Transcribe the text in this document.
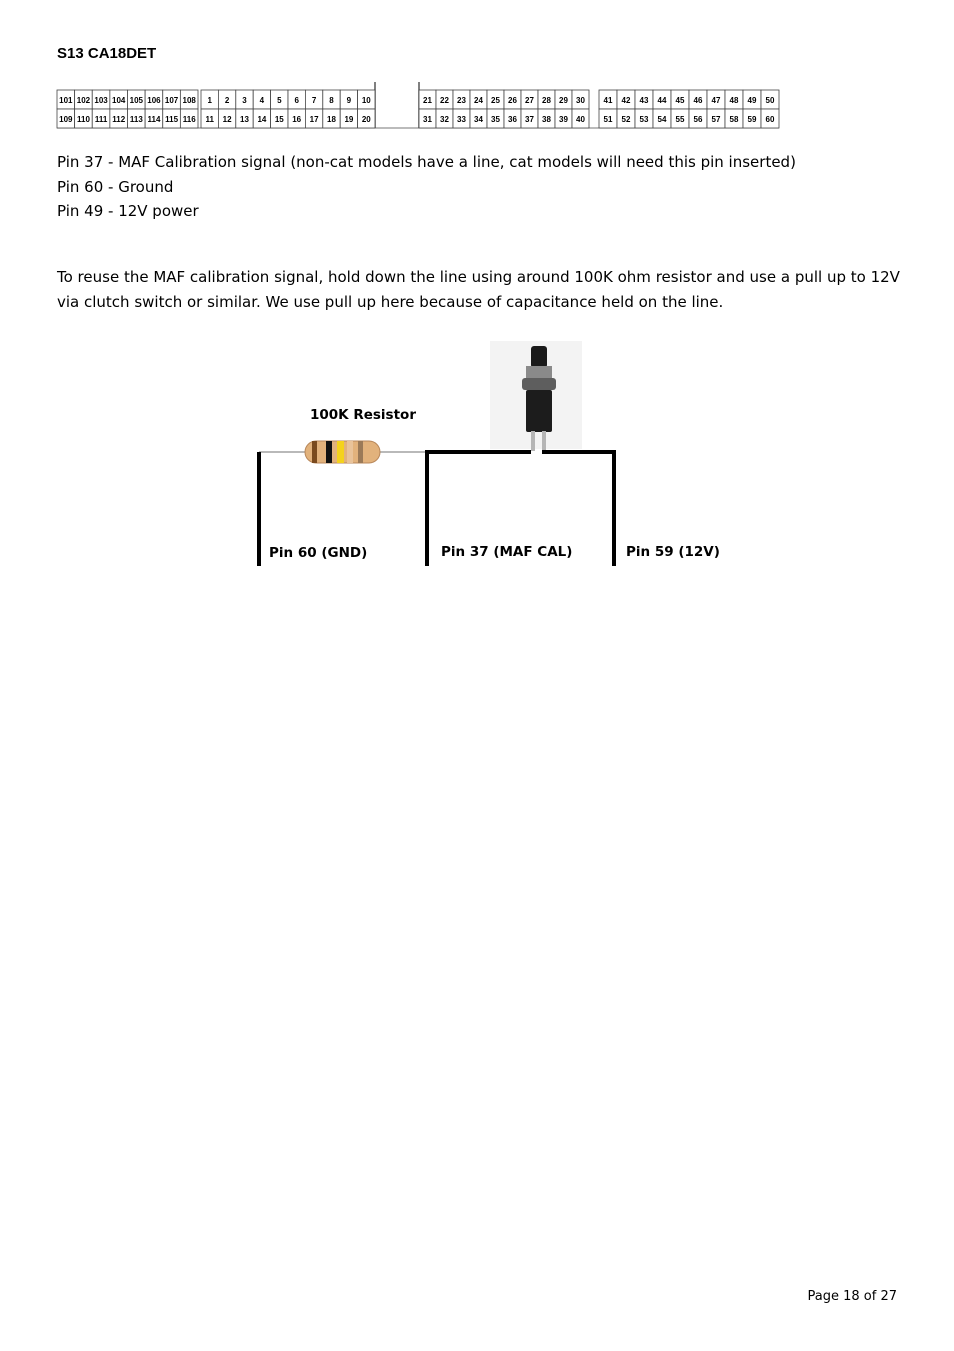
S13 CA18DET
101 102 103 104 105 106 107 108
109 110 111 112 113 114 115 116
1 2 3 4 5 6 7 8 9 10
11 12 13 14 15 16 17 18 19 20
21 22 23 24 25 26 27 28 29 30
31 32 33 34 35 36 37 38 39 40
41 42 43 44 45 46 47 48 49 50
51 52 53 54 55 56 57 58 59 60
Pin 37 - MAF Calibration signal (non-cat models have a line, cat models will need this pin inserted)
Pin 60 - Ground
Pin 49 - 12V power
To reuse the MAF calibration signal, hold down the line using around 100K ohm resistor and use a pull up to 12V via clutch switch or similar. We use pull up here because of capacitance held on the line.
100K Resistor
Pin 60 (GND)	Pin 37 (MAF CAL)	Pin 59 (12V)
Page 18 of 27
